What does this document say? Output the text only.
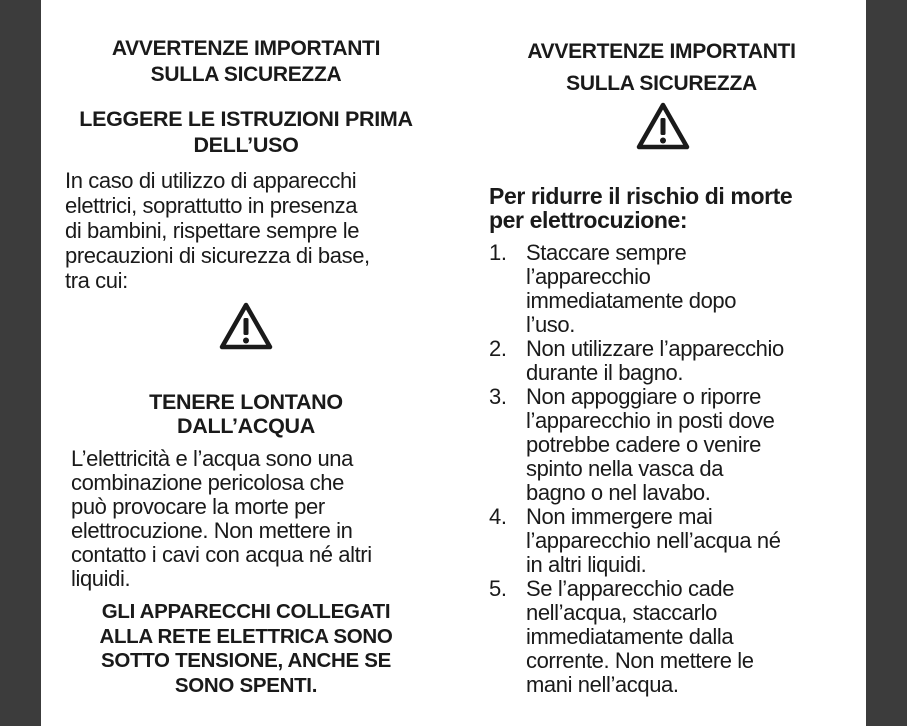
AVVERTENZE IMPORTANTI
SULLA SICUREZZA

LEGGERE LE ISTRUZIONI PRIMA
DELL’USO

In caso di utilizzo di apparecchi
elettrici, soprattutto in presenza
di bambini, rispettare sempre le
precauzioni di sicurezza di base,
tra cui:

TENERE LONTANO
DALL’ACQUA

L’elettricità e l’acqua sono una
combinazione pericolosa che
può provocare la morte per
elettrocuzione. Non mettere in
contatto i cavi con acqua né altri
liquidi.

GLI APPARECCHI COLLEGATI
ALLA RETE ELETTRICA SONO
SOTTO TENSIONE, ANCHE SE
SONO SPENTI.

AVVERTENZE IMPORTANTI
SULLA SICUREZZA

Per ridurre il rischio di morte
per elettrocuzione:

1. Staccare sempre
l’apparecchio
immediatamente dopo
l’uso.
2. Non utilizzare l’apparecchio
durante il bagno.
3. Non appoggiare o riporre
l’apparecchio in posti dove
potrebbe cadere o venire
spinto nella vasca da
bagno o nel lavabo.
4. Non immergere mai
l’apparecchio nell’acqua né
in altri liquidi.
5. Se l’apparecchio cade
nell’acqua, staccarlo
immediatamente dalla
corrente. Non mettere le
mani nell’acqua.
